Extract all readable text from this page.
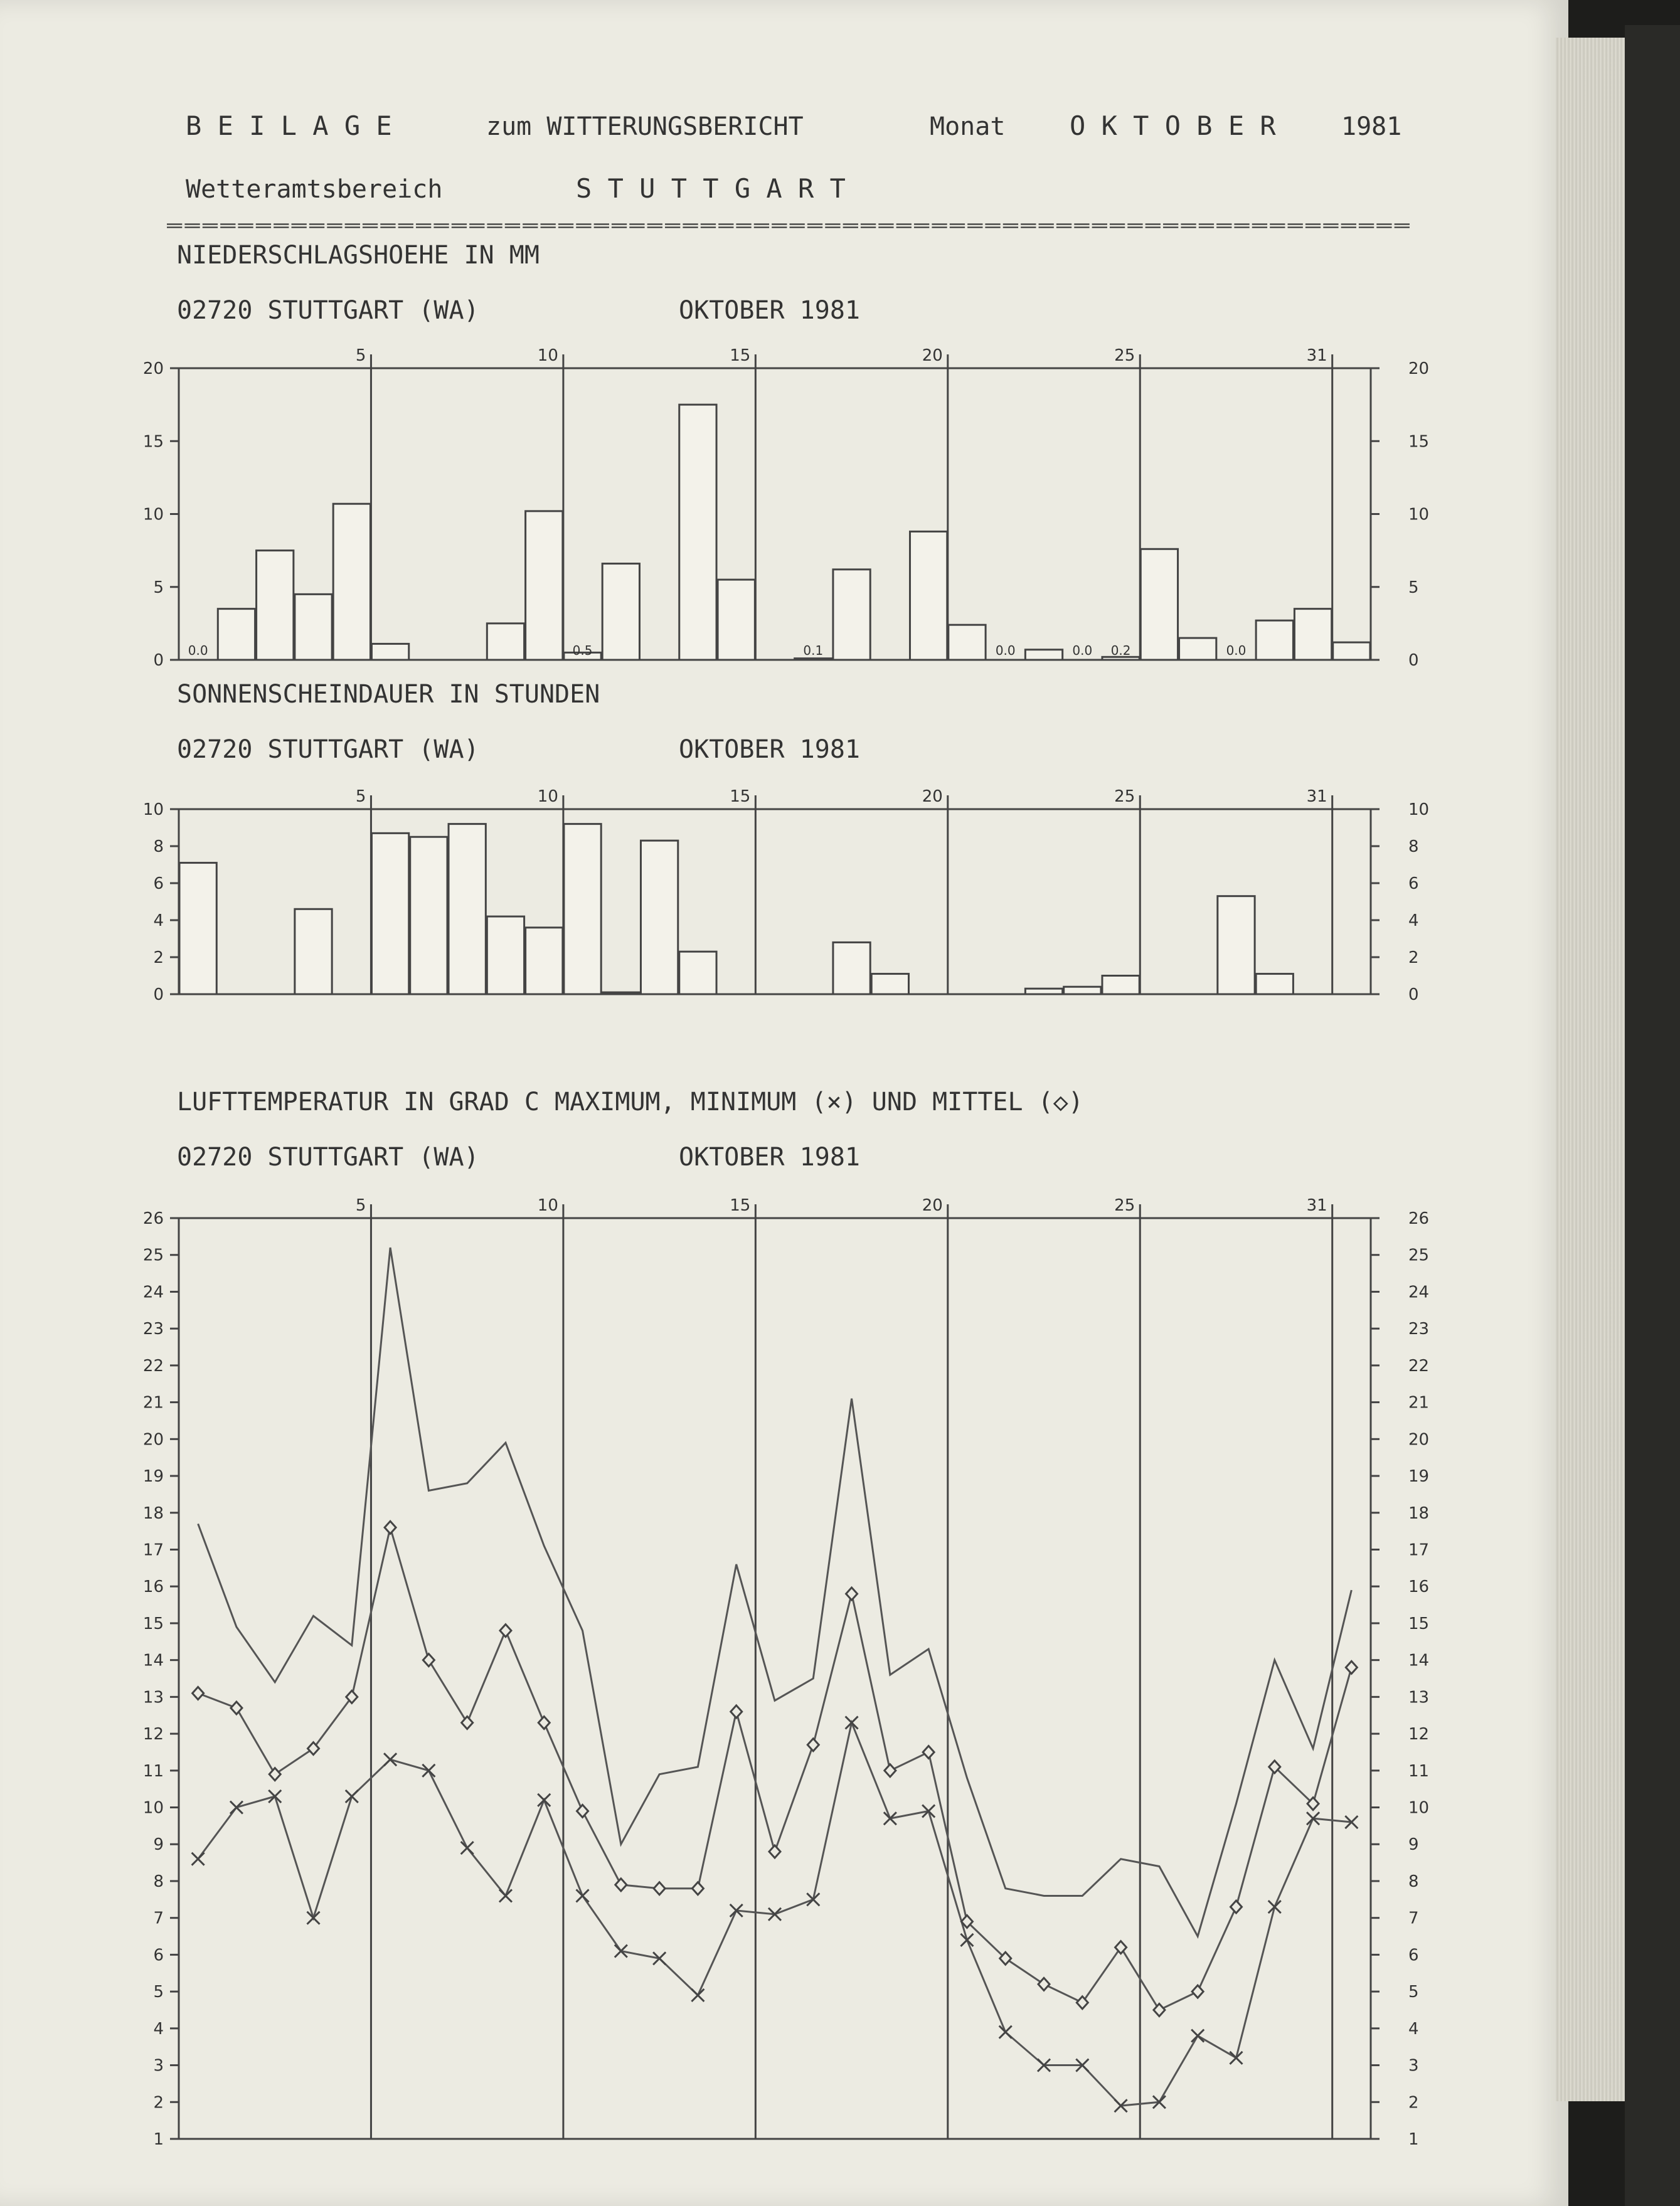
B E I L A G E	zum WITTERUNGSBERICHT	Monat O K T O B E R	1981
Wetteramtsbereich	S T U T T G A R T
======================================================================
NIEDERSCHLAGSHOEHE IN MM
02720 STUTTGART (WA)	OKTOBER 1981
SONNENSCHEINDAUER IN STUNDEN
02720 STUTTGART (WA)	OKTOBER 1981
LUFTTEMPERATUR IN GRAD C MAXIMUM, MINIMUM (×) UND MITTEL (◇)
02720 STUTTGART (WA)	OKTOBER 1981
5	10	15	20	25	31
0	0
5	5
10	10
15	15
20	20
0.0	0.5	0.1	0.0	0.0 0.2	0.0
5	10	15	20	25	31
0	0
2	2
4	4
6	6
8	8
10	10
5	10	15	20	25	31
1	1
2	2
3	3
4	4
5	5
6	6
7	7
8	8
9	9
10	10
11	11
12	12
13	13
14	14
15	15
16	16
17	17
18	18
19	19
20	20
21	21
22	22
23	23
24	24
25	25
26	26
